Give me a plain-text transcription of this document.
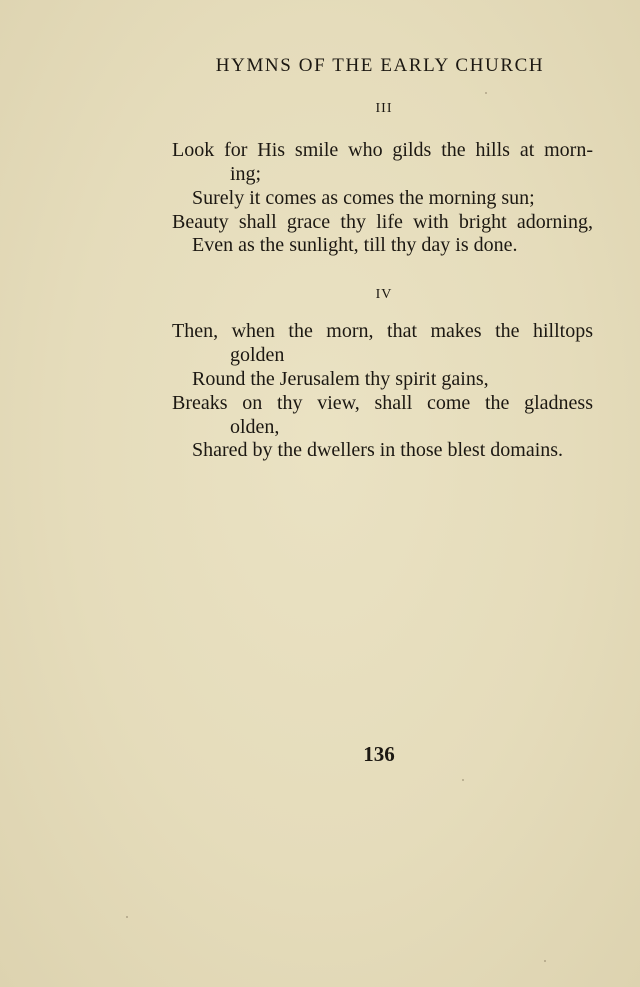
HYMNS OF THE EARLY CHURCH
III
Look for His smile who gilds the hills at morn-
ing;
Surely it comes as comes the morning sun;
Beauty shall grace thy life with bright adorning,
Even as the sunlight, till thy day is done.
IV
Then, when the morn, that makes the hilltops
golden
Round the Jerusalem thy spirit gains,
Breaks on thy view, shall come the gladness
olden,
Shared by the dwellers in those blest domains.
136
